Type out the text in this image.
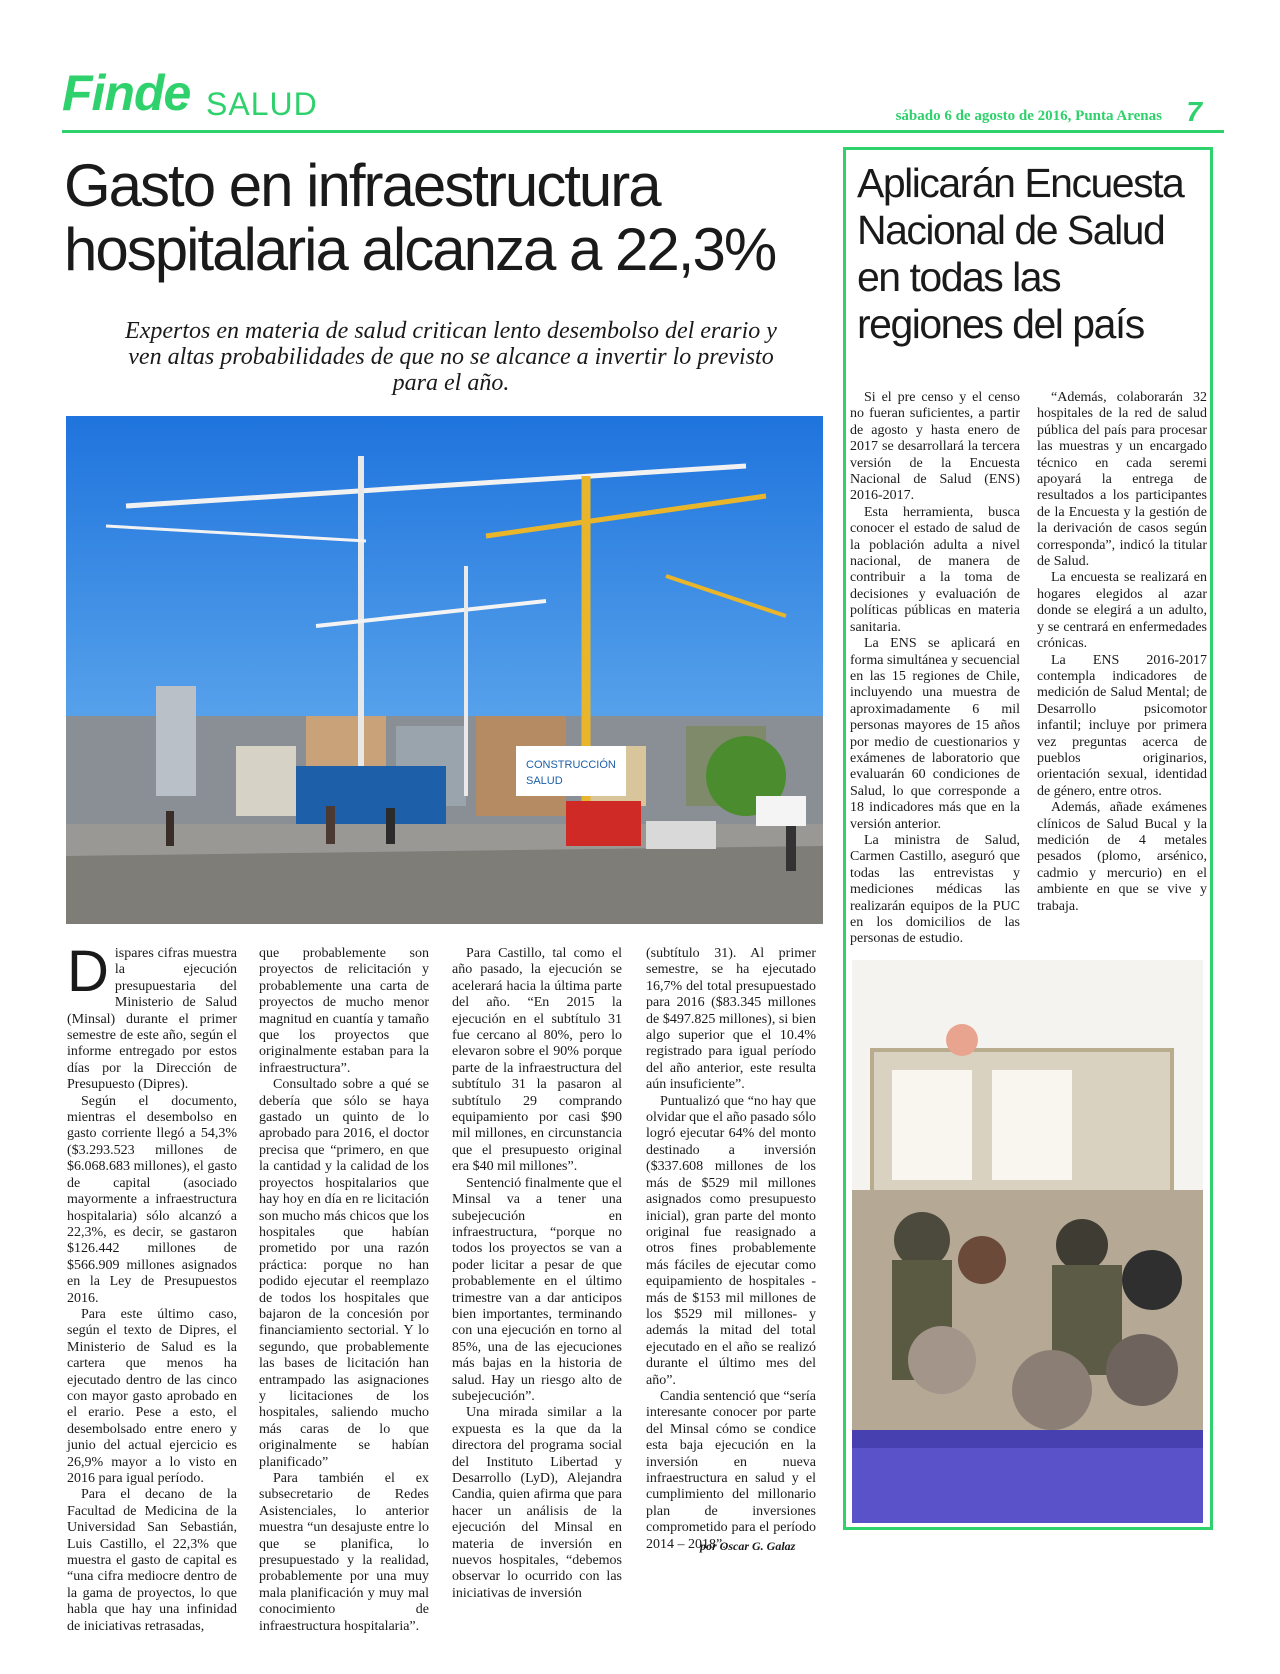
Finde SALUD	sábado 6 de agosto de 2016, Punta Arenas 7
Gasto en infraestructura
hospitalaria alcanza a 22,3%
Expertos en materia de salud critican lento desembolso del erario y
ven altas probabilidades de que no se alcance a invertir lo previsto
para el año.
CONSTRUCCIÓN
SALUD
D ispares cifras muestra la ejecución presupuestaria del Ministerio de Salud (Minsal) durante el primer semestre de este año, según el informe entregado por estos días por la Dirección de Presupuesto (Dipres).

Según el documento, mientras el desembolso en gasto corriente llegó a 54,3% ($3.293.523 millones de $6.068.683 millones), el gasto de capital (asociado mayormente a infraestructura hospitalaria) sólo alcanzó a 22,3%, es decir, se gastaron $126.442 millones de $566.909 millones asignados en la Ley de Presupuestos 2016.

Para este último caso, según el texto de Dipres, el Ministerio de Salud es la cartera que menos ha ejecutado dentro de las cinco con mayor gasto aprobado en el erario. Pese a esto, el desembolsado entre enero y junio del actual ejercicio es 26,9% mayor a lo visto en 2016 para igual período.

Para el decano de la Facultad de Medicina de la Universidad San Sebastián, Luis Castillo, el 22,3% que muestra el gasto de capital es “una cifra mediocre dentro de la gama de proyectos, lo que habla que hay una infinidad de iniciativas retrasadas,

que probablemente son proyectos de relicitación y probablemente una carta de proyectos de mucho menor magnitud en cuantía y tamaño que los proyectos que originalmente estaban para la infraestructura”.

Consultado sobre a qué se debería que sólo se haya gastado un quinto de lo aprobado para 2016, el doctor precisa que “primero, en que la cantidad y la calidad de los proyectos hospitalarios que hay hoy en día en re licitación son mucho más chicos que los hospitales que habían prometido por una razón práctica: porque no han podido ejecutar el reemplazo de todos los hospitales que bajaron de la concesión por financiamiento sectorial. Y lo segundo, que probablemente las bases de licitación han entrampado las asignaciones y licitaciones de los hospitales, saliendo mucho más caras de lo que originalmente se habían planificado”

Para también el ex subsecretario de Redes Asistenciales, lo anterior muestra “un desajuste entre lo que se planifica, lo presupuestado y la realidad, probablemente por una muy mala planificación y muy mal conocimiento de infraestructura hospitalaria”.

Para Castillo, tal como el año pasado, la ejecución se acelerará hacia la última parte del año. “En 2015 la ejecución en el subtítulo 31 fue cercano al 80%, pero lo elevaron sobre el 90% porque parte de la infraestructura del subtítulo 31 la pasaron al subtítulo 29 comprando equipamiento por casi $90 mil millones, en circunstancia que el presupuesto original era $40 mil millones”.

Sentenció finalmente que el Minsal va a tener una subejecución en infraestructura, “porque no todos los proyectos se van a poder licitar a pesar de que probablemente en el último trimestre van a dar anticipos bien importantes, terminando con una ejecución en torno al 85%, una de las ejecuciones más bajas en la historia de salud. Hay un riesgo alto de subejecución”.

Una mirada similar a la expuesta es la que da la directora del programa social del Instituto Libertad y Desarrollo (LyD), Alejandra Candia, quien afirma que para hacer un análisis de la ejecución del Minsal en materia de inversión en nuevos hospitales, “debemos observar lo ocurrido con las iniciativas de inversión

(subtítulo 31). Al primer semestre, se ha ejecutado 16,7% del total presupuestado para 2016 ($83.345 millones de $497.825 millones), si bien algo superior que el 10.4% registrado para igual período del año anterior, este resulta aún insuficiente”.

Puntualizó que “no hay que olvidar que el año pasado sólo logró ejecutar 64% del monto destinado a inversión ($337.608 millones de los más de $529 mil millones asignados como presupuesto inicial), gran parte del monto original fue reasignado a otros fines probablemente más fáciles de ejecutar como equipamiento de hospitales -más de $153 mil millones de los $529 mil millones- y además la mitad del total ejecutado en el año se realizó durante el último mes del año”.

Candia sentenció que “sería interesante conocer por parte del Minsal cómo se condice esta baja ejecución en la inversión en nueva infraestructura en salud y el cumplimiento del millonario plan de inversiones comprometido para el período 2014 – 2018”.

Aplicarán Encuesta
Nacional de Salud
en todas las
regiones del país

Si el pre censo y el censo no fueran suficientes, a partir de agosto y hasta enero de 2017 se desarrollará la tercera versión de la Encuesta Nacional de Salud (ENS) 2016-2017.

Esta herramienta, busca conocer el estado de salud de la población adulta a nivel nacional, de manera de contribuir a la toma de decisiones y evaluación de políticas públicas en materia sanitaria.

La ENS se aplicará en forma simultánea y secuencial en las 15 regiones de Chile, incluyendo una muestra de aproximadamente 6 mil personas mayores de 15 años por medio de cuestionarios y exámenes de laboratorio que evaluarán 60 condiciones de Salud, lo que corresponde a 18 indicadores más que en la versión anterior.

La ministra de Salud, Carmen Castillo, aseguró que todas las entrevistas y mediciones médicas las realizarán equipos de la PUC en los domicilios de las personas de estudio.

“Además, colaborarán 32 hospitales de la red de salud pública del país para procesar las muestras y un encargado técnico en cada seremi apoyará la entrega de resultados a los participantes de la Encuesta y la gestión de la derivación de casos según corresponda”, indicó la titular de Salud.

La encuesta se realizará en hogares elegidos al azar donde se elegirá a un adulto, y se centrará en enfermedades crónicas.

La ENS 2016-2017 contempla indicadores de medición de Salud Mental; de Desarrollo psicomotor infantil; incluye por primera vez preguntas acerca de pueblos originarios, orientación sexual, identidad de género, entre otros.

Además, añade exámenes clínicos de Salud Bucal y la medición de 4 metales pesados (plomo, arsénico, cadmio y mercurio) en el ambiente en que se vive y trabaja.

por Oscar G. Galaz
